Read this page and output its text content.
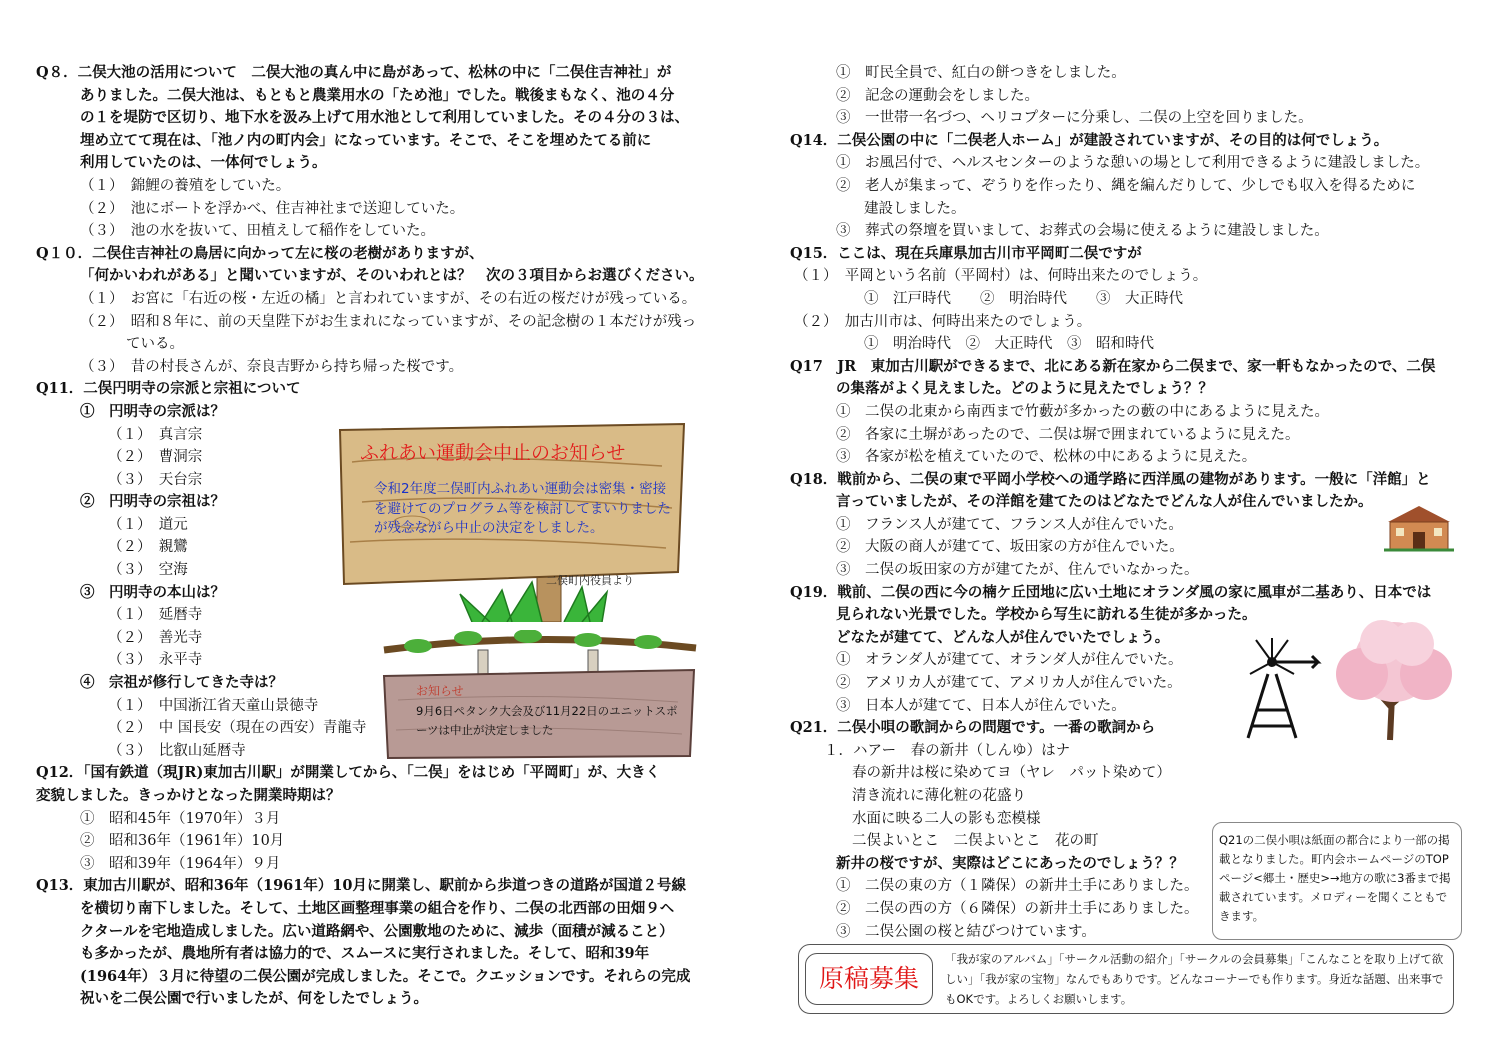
Q８．二俣大池の活用について　二俣大池の真ん中に島があって、松林の中に「二俣住吉神社」が
ありました。二俣大池は、もともと農業用水の「ため池」でした。戦後まもなく、池の４分
の１を堤防で区切り、地下水を汲み上げて用水池として利用していました。その４分の３は、
埋め立てて現在は、「池ノ内の町内会」になっています。そこで、そこを埋めたてる前に
利用していたのは、一体何でしょう。
（１）　錦鯉の養殖をしていた。
（２）　池にボートを浮かべ、住吉神社まで送迎していた。
（３）　池の水を抜いて、田植えして稲作をしていた。
Q１０．二俣住吉神社の鳥居に向かって左に桜の老樹がありますが、
「何かいわれがある」と聞いていますが、そのいわれとは？　次の３項目からお選びください。
（１）　お宮に「右近の桜・左近の橘」と言われていますが、その右近の桜だけが残っている。
（２）　昭和８年に、前の天皇陛下がお生まれになっていますが、その記念樹の１本だけが残っ
ている。
（３）　昔の村長さんが、奈良吉野から持ち帰った桜です。
Q11．二俣円明寺の宗派と宗祖について
①　円明寺の宗派は？
（１）　真言宗
（２）　曹洞宗
（３）　天台宗
②　円明寺の宗祖は？
（１）　道元
（２）　親鸞
（３）　空海
③　円明寺の本山は？
（１）　延暦寺
（２）　善光寺
（３）　永平寺
④　宗祖が修行してきた寺は？
（１）　中国浙江省天童山景徳寺
（２）　中 国長安（現在の西安）青龍寺
（３）　比叡山延暦寺
Q12．「国有鉄道（現JR)東加古川駅」が開業してから、「二俣」をはじめ「平岡町」が、大きく
変貌しました。きっかけとなった開業時期は？
①　昭和45年（1970年）３月
②　昭和36年（1961年）10月
③　昭和39年（1964年）９月
Q13．東加古川駅が、昭和36年（1961年）10月に開業し、駅前から歩道つきの道路が国道２号線
を横切り南下しました。そして、土地区画整理事業の組合を作り、二俣の北西部の田畑９ヘ
クタールを宅地造成しました。広い道路網や、公園敷地のために、減歩（面積が減ること）
も多かったが、農地所有者は協力的で、スムースに実行されました。そして、昭和39年
(1964年）３月に待望の二俣公園が完成しました。そこで。クエッションです。それらの完成
祝いを二俣公園で行いましたが、何をしたでしょう。
①　町民全員で、紅白の餅つきをしました。
②　記念の運動会をしました。
③　一世帯一名づつ、ヘリコプターに分乗し、二俣の上空を回りました。
Q14．二俣公園の中に「二俣老人ホーム」が建設されていますが、その目的は何でしょう。
①　お風呂付で、ヘルスセンターのような憩いの場として利用できるように建設しました。
②　老人が集まって、ぞうりを作ったり、縄を編んだりして、少しでも収入を得るために
建設しました。
③　葬式の祭壇を買いまして、お葬式の会場に使えるように建設しました。
Q15．ここは、現在兵庫県加古川市平岡町二俣ですが
（１）　平岡という名前（平岡村）は、何時出来たのでしょう。
①　江戸時代　　②　明治時代　　③　大正時代
（２）　加古川市は、何時出来たのでしょう。
①　明治時代　②　大正時代　③　昭和時代
Q17　JR　東加古川駅ができるまで、北にある新在家から二俣まで、家一軒もなかったので、二俣
の集落がよく見えました。どのように見えたでしょう？？
①　二俣の北東から南西まで竹藪が多かったの藪の中にあるように見えた。
②　各家に土塀があったので、二俣は塀で囲まれているように見えた。
③　各家が松を植えていたので、松林の中にあるように見えた。
Q18．戦前から、二俣の東で平岡小学校への通学路に西洋風の建物があります。一般に「洋館」と
言っていましたが、その洋館を建てたのはどなたでどんな人が住んでいましたか。
①　フランス人が建てて、フランス人が住んでいた。
②　大阪の商人が建てて、坂田家の方が住んでいた。
③　二俣の坂田家の方が建てたが、住んでいなかった。
Q19．戦前、二俣の西に今の楠ケ丘団地に広い土地にオランダ風の家に風車が二基あり、日本では
見られない光景でした。学校から写生に訪れる生徒が多かった。
どなたが建てて、どんな人が住んでいたでしょう。
①　オランダ人が建てて、オランダ人が住んでいた。
②　アメリカ人が建てて、アメリカ人が住んでいた。
③　日本人が建てて、日本人が住んでいた。
Q21．二俣小唄の歌詞からの問題です。一番の歌詞から
１．ハアー　春の新井（しんゆ）はナ
春の新井は桜に染めてヨ（ヤレ　パット染めて）
清き流れに薄化粧の花盛り
水面に映る二人の影も恋模様
二俣よいとこ　二俣よいとこ　花の町
新井の桜ですが、実際はどこにあったのでしょう？？
①　二俣の東の方（１隣保）の新井土手にありました。
②　二俣の西の方（６隣保）の新井土手にありました。
③　二俣公園の桜と結びつけています。
ふれあい運動会中止のお知らせ
令和2年度二俣町内ふれあい運動会は密集・密接を避けてのプログラム等を検討してまいりましたが残念ながら中止の決定をしました。
二俣町内役員より
お知らせ
9月6日ペタンク大会及び11月22日のユニットスポーツは中止が決定しました
Q21の二俣小唄は紙面の都合により一部の掲載となりました。町内会ホームページのTOPページ<郷土・歴史>→地方の歌に3番まで掲載されています。メロディーを聞くこともできます。
原稿募集
「我が家のアルバム」「サークル活動の紹介」「サークルの会員募集」「こんなことを取り上げて欲しい」「我が家の宝物」なんでもありです。どんなコーナーでも作ります。身近な話題、出来事でもOKです。よろしくお願いします。
